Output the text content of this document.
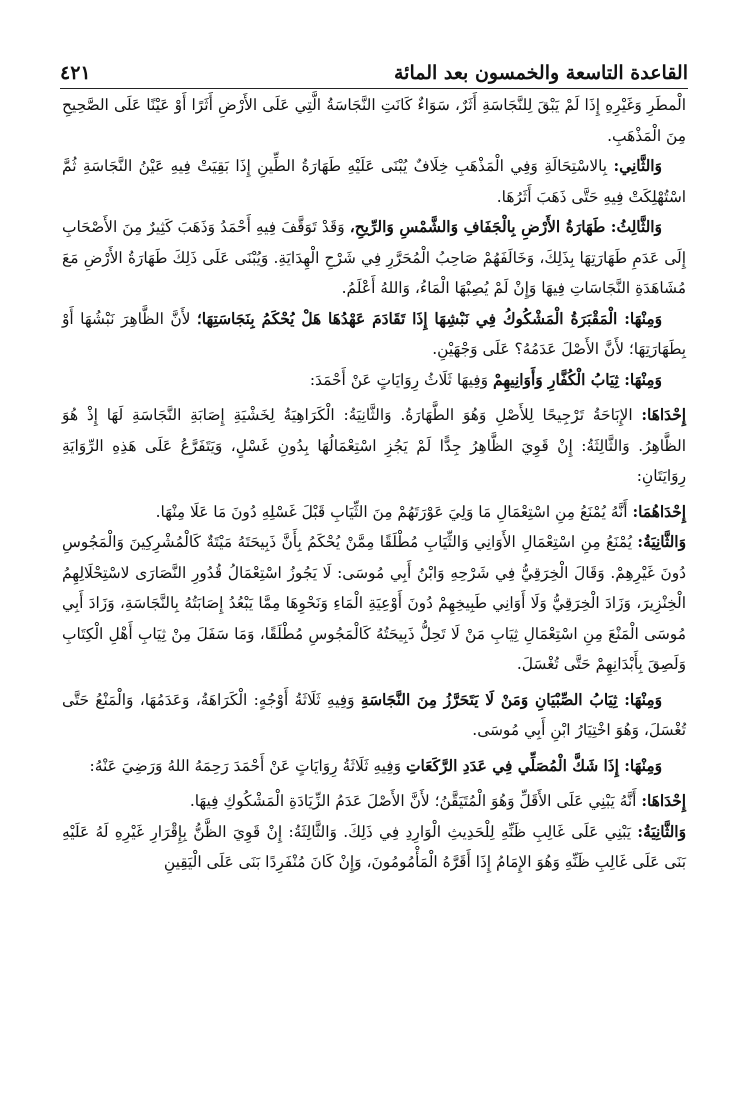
القاعدة التاسعة والخمسون بعد المائة
٤٢١

الْمطَرِ وَغَيْرِهِ إِذَا لَمْ يَبْقَ لِلنَّجَاسَةِ أَثَرٌ، سَوَاءٌ كَانَتِ النَّجَاسَةُ الَّتِي عَلَى الأَرْضِ أَثَرًا أَوْ عَيْنًا عَلَى الصَّحِيحِ مِنَ الْمَذْهَبِ.

وَالثَّانِي: بِالاسْتِحَالَةِ وَفِي الْمَذْهَبِ خِلَافٌ يُبْنَى عَلَيْهِ طَهَارَةُ الطِّينِ إِذَا بَقِيَتْ فِيهِ عَيْنُ النَّجَاسَةِ ثُمَّ اسْتُهْلِكَتْ فِيهِ حَتَّى ذَهَبَ أَثَرُهَا.

وَالثَّالِثُ: طَهَارَةُ الأَرْضِ بِالْجَفَافِ وَالشَّمْسِ وَالرِّيحِ، وَقَدْ تَوَقَّفَ فِيهِ أَحْمَدُ وَذَهَبَ كَثِيرٌ مِنَ الأَصْحَابِ إِلَى عَدَمِ طَهَارَتِهَا بِذَلِكَ، وَخَالَفَهُمْ صَاحِبُ الْمُحَرَّرِ فِي شَرْحِ الْهِدَايَةِ. وَيُبْنَى عَلَى ذَلِكَ طَهَارَةُ الأَرْضِ مَعَ مُشَاهَدَةِ النَّجَاسَاتِ فِيهَا وَإِنْ لَمْ يُصِبْهَا الْمَاءُ، وَاللهُ أَعْلَمُ.

وَمِنْهَا: الْمَقْبَرَةُ الْمَشْكُوكُ فِي نَبْشِهَا إِذَا تَقَادَمَ عَهْدُهَا هَلْ يُحْكَمُ بِنَجَاسَتِهَا؛ لأَنَّ الظَّاهِرَ نَبْشُهَا أَوْ بِطَهَارَتِهَا؛ لأَنَّ الأَصْلَ عَدَمُهُ؟ عَلَى وَجْهَيْنِ.

وَمِنْهَا: ثِيَابُ الْكُفَّارِ وَأَوَانِيهِمْ وَفِيهَا ثَلَاثُ رِوَايَاتٍ عَنْ أَحْمَدَ:

إِحْدَاهَا: الإِبَاحَةُ تَرْجِيحًا لِلأَصْلِ وَهُوَ الطَّهَارَةُ. وَالثَّانِيَةُ: الْكَرَاهِيَةُ لِخَشْيَةِ إِصَابَةِ النَّجَاسَةِ لَهَا إِذْ هُوَ الظَّاهِرُ. وَالثَّالِثَةُ: إِنْ قَوِيَ الظَّاهِرُ جِدًّا لَمْ يَجُزِ اسْتِعْمَالُهَا بِدُونِ غَسْلٍ، وَيَتَفَرَّعُ عَلَى هَذِهِ الرِّوَايَةِ رِوَايَتَانِ:

إِحْدَاهُمَا: أَنَّهُ يُمْنَعُ مِنِ اسْتِعْمَالِ مَا وَلِيَ عَوْرَتَهُمْ مِنَ الثِّيَابِ قَبْلَ غَسْلِهِ دُونَ مَا عَلَا مِنْهَا.

وَالثَّانِيَةُ: يُمْنَعُ مِنِ اسْتِعْمَالِ الأَوَانِي وَالثِّيَابِ مُطْلَقًا مِمَّنْ يُحْكَمُ بِأَنَّ ذَبِيحَتَهُ مَيْتَةٌ كَالْمُشْرِكِينَ وَالْمَجُوسِ دُونَ غَيْرِهِمْ. وَقَالَ الْخِرَقِيُّ فِي شَرْحِهِ وَابْنُ أَبِي مُوسَى: لَا يَجُوزُ اسْتِعْمَالُ قُدُورِ النَّصَارَى لاسْتِحْلَالِهِمُ الْخِنْزِيرَ، وَزَادَ الْخِرَقِيُّ وَلَا أَوَانِي طَبِيخِهِمْ دُونَ أَوْعِيَةِ الْمَاءِ وَنَحْوِهَا مِمَّا يَبْعُدُ إِصَابَتُهُ بِالنَّجَاسَةِ، وَزَادَ أَبِي مُوسَى الْمَنْعَ مِنِ اسْتِعْمَالِ ثِيَابِ مَنْ لَا تَحِلُّ ذَبِيحَتُهُ كَالْمَجُوسِ مُطْلَقًا، وَمَا سَفَلَ مِنْ ثِيَابِ أَهْلِ الْكِتَابِ وَلَصِقَ بِأَبْدَانِهِمْ حَتَّى تُغْسَلَ.

وَمِنْهَا: ثِيَابُ الصِّبْيَانِ وَمَنْ لَا يَتَحَرَّزُ مِنَ النَّجَاسَةِ وَفِيهِ ثَلَاثَةُ أَوْجُهٍ: الْكَرَاهَةُ، وَعَدَمُهَا، وَالْمَنْعُ حَتَّى تُغْسَلَ، وَهُوَ اخْتِيَارُ ابْنِ أَبِي مُوسَى.

وَمِنْهَا: إِذَا شَكَّ الْمُصَلِّي فِي عَدَدِ الرَّكَعَاتِ وَفِيهِ ثَلَاثَةُ رِوَايَاتٍ عَنْ أَحْمَدَ رَحِمَهُ اللهُ وَرَضِيَ عَنْهُ:

إِحْدَاهَا: أَنَّهُ يَبْنِي عَلَى الأَقَلِّ وَهُوَ الْمُتَيَقَّنُ؛ لأَنَّ الأَصْلَ عَدَمُ الزِّيَادَةِ الْمَشْكُوكِ فِيهَا.

وَالثَّانِيَةُ: يَبْنِي عَلَى غَالِبِ ظَنِّهِ لِلْحَدِيثِ الْوَارِدِ فِي ذَلِكَ. وَالثَّالِثَةُ: إِنْ قَوِيَ الظَّنُّ بِإِقْرَارِ غَيْرِهِ لَهُ عَلَيْهِ بَنَى عَلَى غَالِبِ ظَنِّهِ وَهُوَ الإِمَامُ إِذَا أَقَرَّهُ الْمَأْمُومُونَ، وَإِنْ كَانَ مُنْفَرِدًا بَنَى عَلَى الْيَقِينِ
